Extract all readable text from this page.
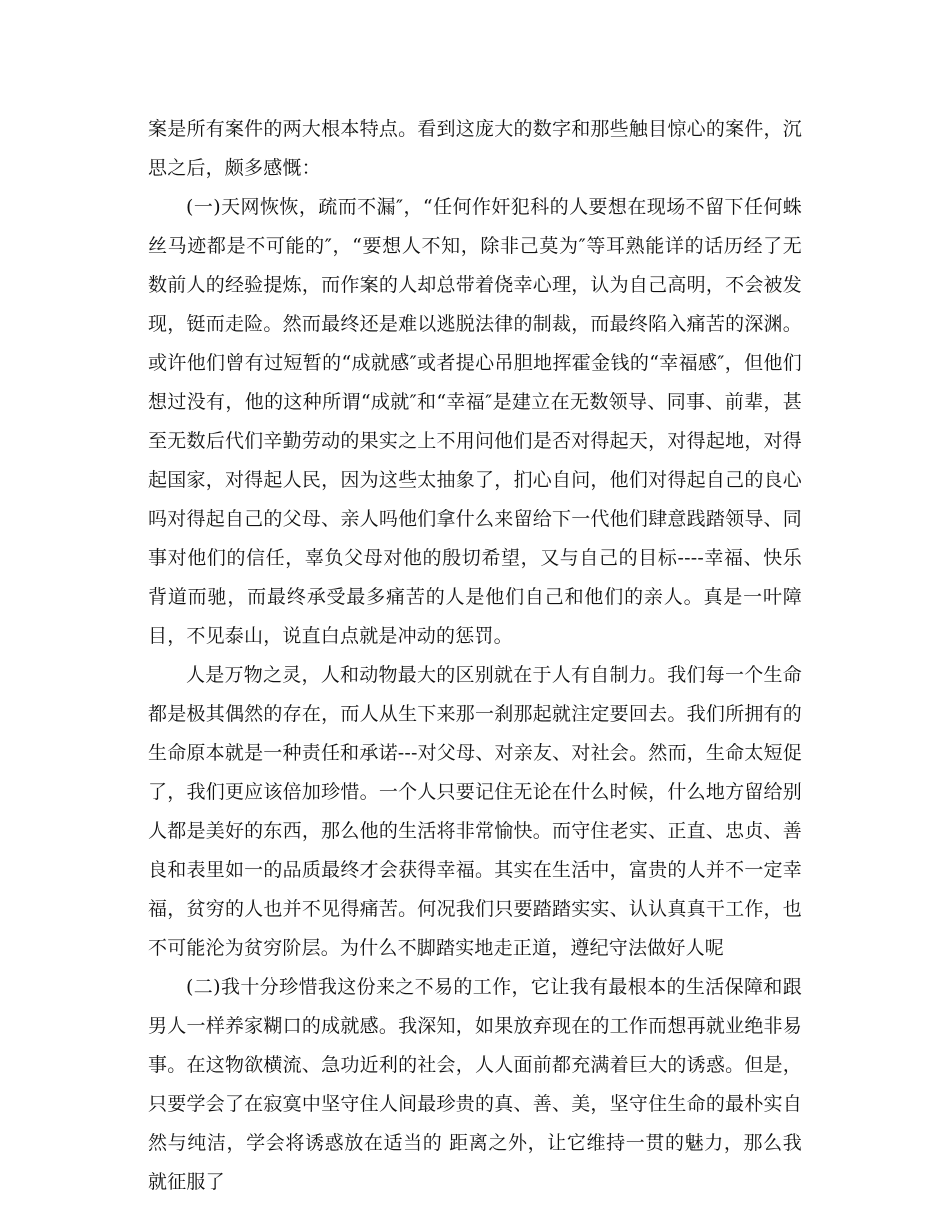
案是所有案件的两大根本特点。看到这庞大的数字和那些触目惊心的案件，沉思之后，颇多感慨：

(一)天网恢恢，疏而不漏″，“任何作奸犯科的人要想在现场不留下任何蛛丝马迹都是不可能的″，“要想人不知，除非己莫为″等耳熟能详的话历经了无数前人的经验提炼，而作案的人却总带着侥幸心理，认为自己高明，不会被发现，铤而走险。然而最终还是难以逃脱法律的制裁，而最终陷入痛苦的深渊。或许他们曾有过短暂的“成就感″或者提心吊胆地挥霍金钱的“幸福感″，但他们想过没有，他的这种所谓“成就″和“幸福″是建立在无数领导、同事、前辈，甚至无数后代们辛勤劳动的果实之上不用问他们是否对得起天，对得起地，对得起国家，对得起人民，因为这些太抽象了，扪心自问，他们对得起自己的良心吗对得起自己的父母、亲人吗他们拿什么来留给下一代他们肆意践踏领导、同事对他们的信任，辜负父母对他的殷切希望，又与自己的目标----幸福、快乐背道而驰，而最终承受最多痛苦的人是他们自己和他们的亲人。真是一叶障目，不见泰山，说直白点就是冲动的惩罚。

人是万物之灵，人和动物最大的区别就在于人有自制力。我们每一个生命都是极其偶然的存在，而人从生下来那一刹那起就注定要回去。我们所拥有的生命原本就是一种责任和承诺---对父母、对亲友、对社会。然而，生命太短促了，我们更应该倍加珍惜。一个人只要记住无论在什么时候，什么地方留给别人都是美好的东西，那么他的生活将非常愉快。而守住老实、正直、忠贞、善良和表里如一的品质最终才会获得幸福。其实在生活中，富贵的人并不一定幸福，贫穷的人也并不见得痛苦。何况我们只要踏踏实实、认认真真干工作，也不可能沦为贫穷阶层。为什么不脚踏实地走正道，遵纪守法做好人呢

(二)我十分珍惜我这份来之不易的工作，它让我有最根本的生活保障和跟男人一样养家糊口的成就感。我深知，如果放弃现在的工作而想再就业绝非易事。在这物欲横流、急功近利的社会，人人面前都充满着巨大的诱惑。但是，只要学会了在寂寞中坚守住人间最珍贵的真、善、美，坚守住生命的最朴实自然与纯洁，学会将诱惑放在适当的 距离之外，让它维持一贯的魅力，那么我就征服了
